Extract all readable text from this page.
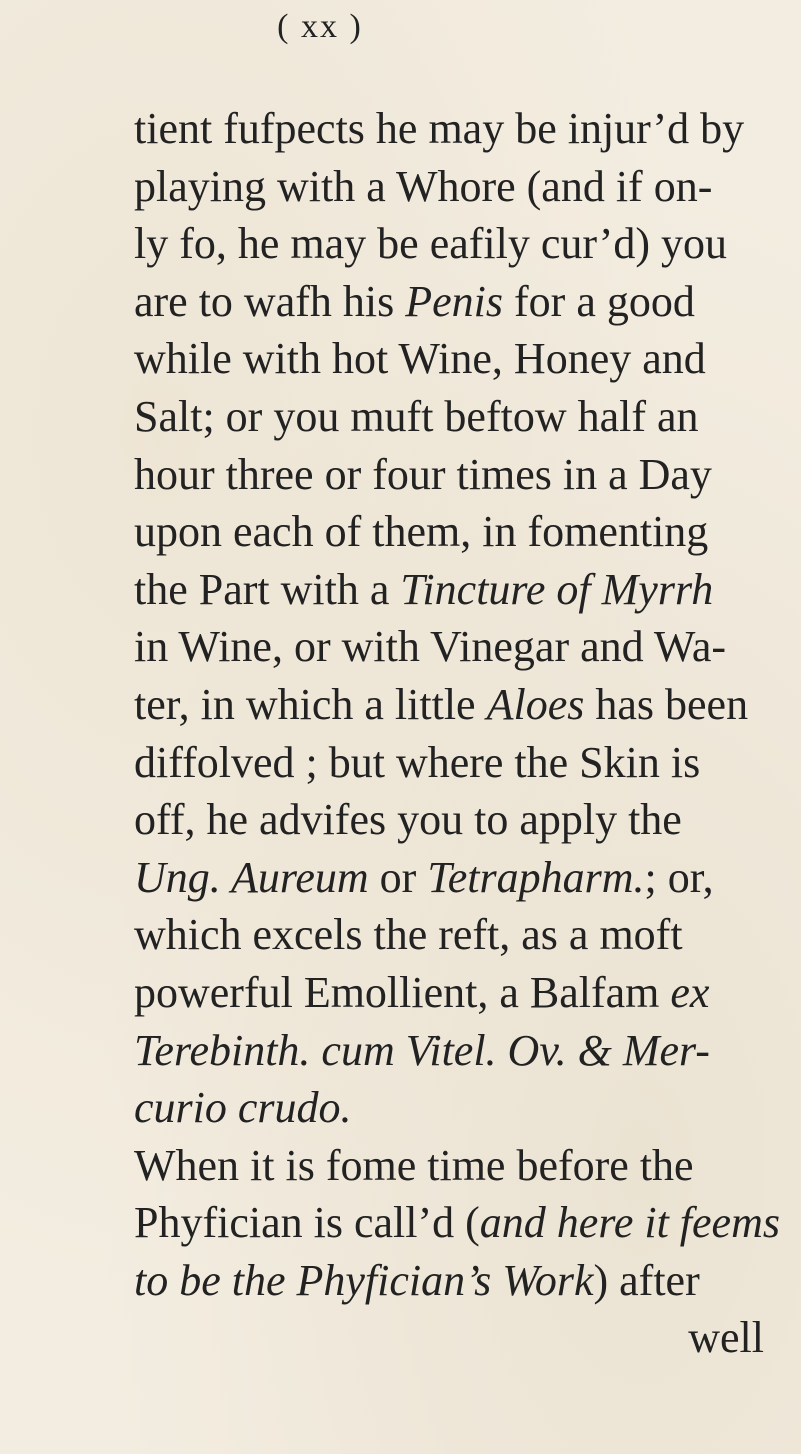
( xx )
tient fufpects he may be injur’d by
playing with a Whore (and if on-
ly fo, he may be eafily cur’d) you
are to wafh his Penis for a good
while with hot Wine, Honey and
Salt; or you muft beftow half an
hour three or four times in a Day
upon each of them, in fomenting
the Part with a Tincture of Myrrh
in Wine, or with Vinegar and Wa-
ter, in which a little Aloes has been
diffolved ; but where the Skin is
off, he advifes you to apply the
Ung. Aureum or Tetrapharm.; or,
which excels the reft, as a moft
powerful Emollient, a Balfam ex
Terebinth. cum Vitel. Ov. & Mer-
curio crudo.
When it is fome time before the
Phyfician is call’d (and here it feems
to be the Phyfician’s Work) after
well
